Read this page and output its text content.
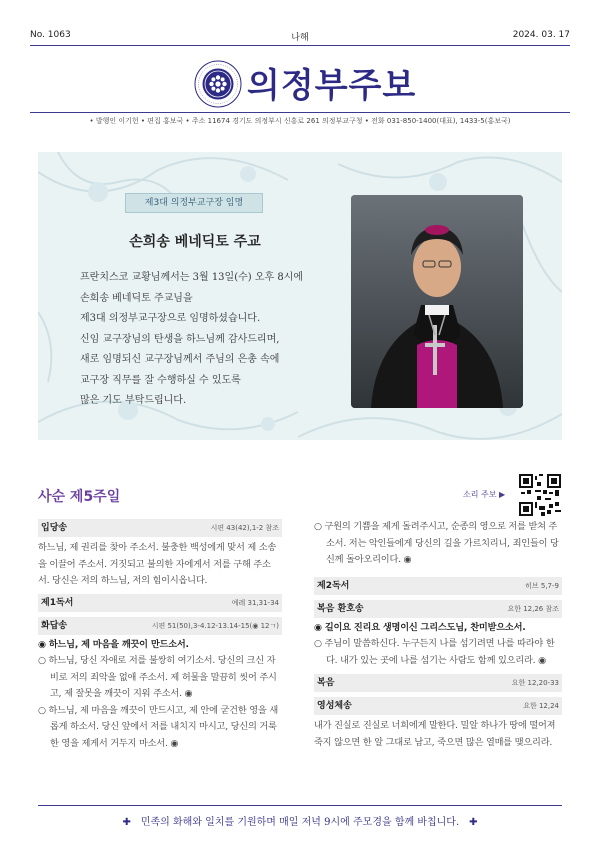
No. 1063	나해	2024. 03. 17
의정부주보
• 발행인 이기헌 • 편집 홍보국 • 주소 11674 경기도 의정부시 신흥로 261 의정부교구청 • 전화 031-850-1400(대표), 1433-5(홍보국)
제3대 의정부교구장 임명
손희송 베네딕토 주교
프란치스코 교황님께서는 3월 13일(수) 오후 8시에
손희송 베네딕토 주교님을
제3대 의정부교구장으로 임명하셨습니다.
신임 교구장님의 탄생을 하느님께 감사드리며,
새로 임명되신 교구장님께서 주님의 은총 속에
교구장 직무를 잘 수행하실 수 있도록
많은 기도 부탁드립니다.
사순 제5주일	소리 주보 ▶
입당송	시편 43(42),1-2 참조
하느님, 제 권리를 찾아 주소서. 불충한 백성에게 맞서 제 소송을 이끌어 주소서. 거짓되고 불의한 자에게서 저를 구해 주소서. 당신은 저의 하느님, 저의 힘이시옵니다.
제1독서	예레 31,31-34
화답송	시편 51(50),3-4.12-13.14-15(◉ 12ㄱ)
◉ 하느님, 제 마음을 깨끗이 만드소서.
○ 하느님, 당신 자애로 저를 불쌍히 여기소서. 당신의 크신 자비로 저의 죄악을 없애 주소서. 제 허물을 말끔히 씻어 주시고, 제 잘못을 깨끗이 지워 주소서. ◉
○ 하느님, 제 마음을 깨끗이 만드시고, 제 안에 굳건한 영을 새롭게 하소서. 당신 앞에서 저를 내치지 마시고, 당신의 거룩한 영을 제게서 거두지 마소서. ◉
○ 구원의 기쁨을 제게 돌려주시고, 순종의 영으로 저를 받쳐 주소서. 저는 악인들에게 당신의 길을 가르치리니, 죄인들이 당신께 돌아오리이다. ◉
제2독서	히브 5,7-9
복음 환호송	요한 12,26 참조
◉ 길이요 진리요 생명이신 그리스도님, 찬미받으소서.
○ 주님이 말씀하신다. 누구든지 나를 섬기려면 나를 따라야 한다. 내가 있는 곳에 나를 섬기는 사람도 함께 있으리라. ◉
복음	요한 12,20-33
영성체송	요한 12,24
내가 진실로 진실로 너희에게 말한다. 밀알 하나가 땅에 떨어져 죽지 않으면 한 알 그대로 남고, 죽으면 많은 열매를 맺으리라.
✚ 민족의 화해와 일치를 기원하며 매일 저녁 9시에 주모경을 함께 바칩니다. ✚
